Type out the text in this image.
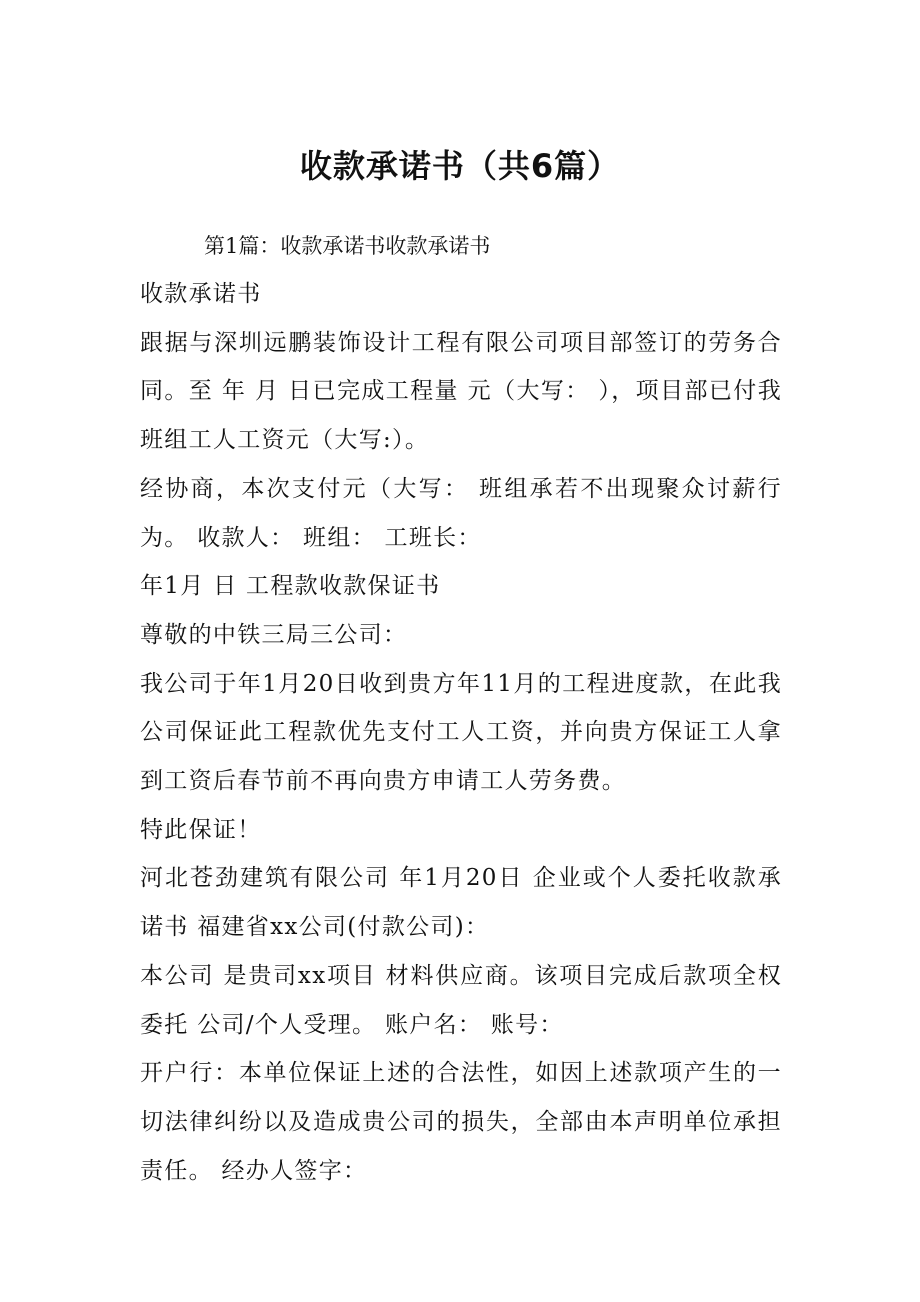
收款承诺书（共6篇）

第1篇：收款承诺书收款承诺书

收款承诺书

跟据与深圳远鹏装饰设计工程有限公司项目部签订的劳务合同。至 年 月 日已完成工程量 元（大写： ），项目部已付我班组工人工资元（大写:）。

经协商，本次支付元（大写： 班组承若不出现聚众讨薪行为。 收款人： 班组： 工班长：

年1月 日 工程款收款保证书

尊敬的中铁三局三公司：

我公司于年1月20日收到贵方年11月的工程进度款，在此我公司保证此工程款优先支付工人工资，并向贵方保证工人拿到工资后春节前不再向贵方申请工人劳务费。

特此保证！

河北苍劲建筑有限公司 年1月20日 企业或个人委托收款承诺书 福建省xx公司(付款公司)：

本公司 是贵司xx项目 材料供应商。该项目完成后款项全权委托 公司/个人受理。 账户名： 账号：

开户行：本单位保证上述的合法性，如因上述款项产生的一切法律纠纷以及造成贵公司的损失，全部由本声明单位承担责任。 经办人签字：
